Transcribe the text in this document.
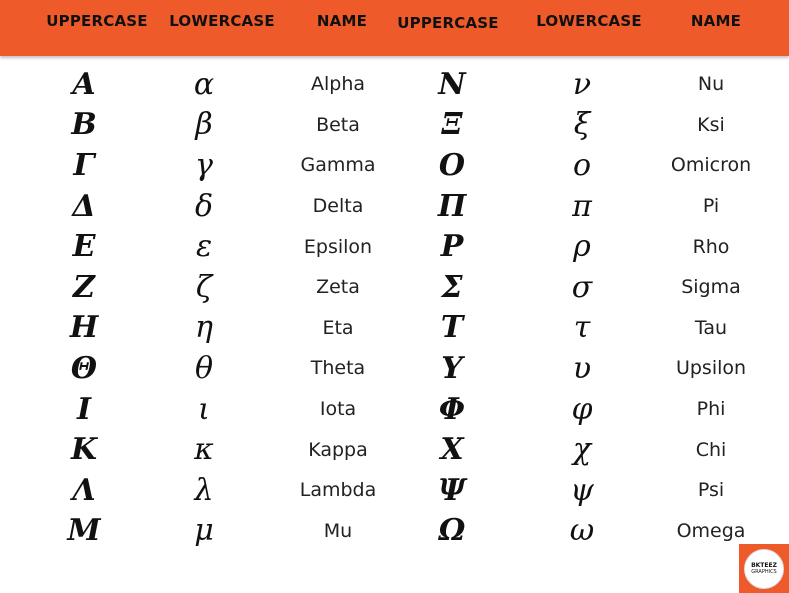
UPPERCASE LOWERCASE	NAME UPPERCASE LOWERCASE	NAME
Α
Β
Γ
Δ
Ε
Ζ
Η
Θ
Ι
Κ
Λ
Μ
α
β
γ
δ
ε
ζ
η
θ
ι
κ
λ
μ
Alpha
Beta
Gamma
Delta
Epsilon
Zeta
Eta
Theta
Iota
Kappa
Lambda
Mu
Ν
Ξ
Ο
Π
Ρ
Σ
Τ
Υ
Φ
Χ
Ψ
Ω
ν
ξ
ο
π
ρ
σ
τ
υ
φ
χ
ψ
ω
Nu
Ksi
Omicron
Pi
Rho
Sigma
Tau
Upsilon
Phi
Chi
Psi
Omega
BKTEEZ
GRAPHICS
